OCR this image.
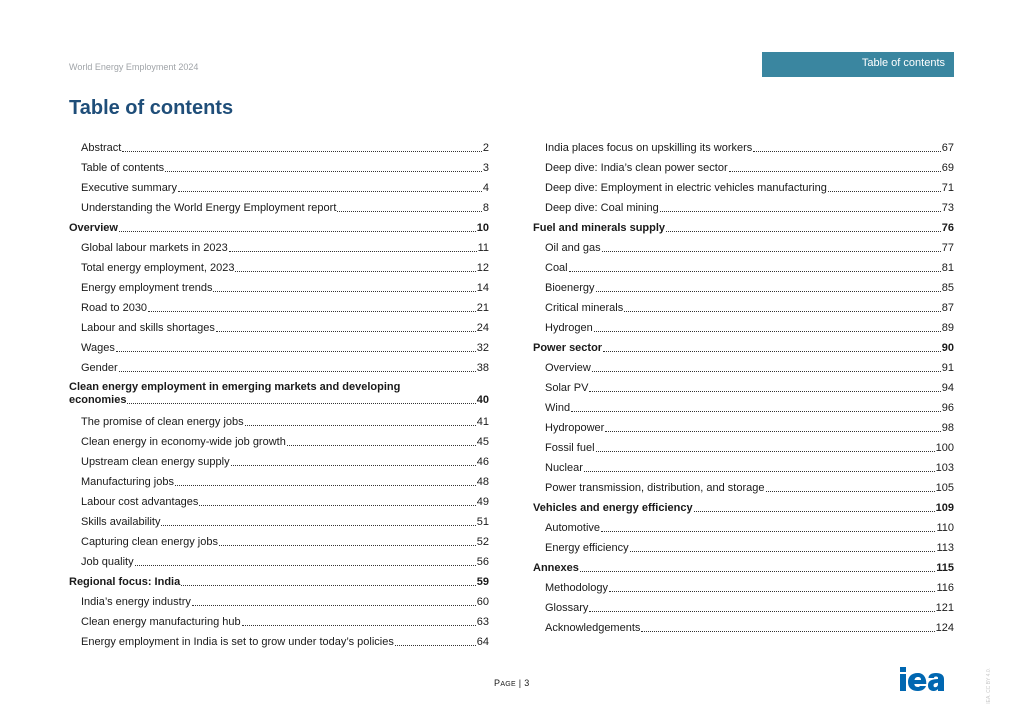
World Energy Employment 2024	Table of contents
Table of contents
Abstract	2
Table of contents	3
Executive summary	4
Understanding the World Energy Employment report	8
Overview	10
Global labour markets in 2023	11
Total energy employment, 2023	12
Energy employment trends	14
Road to 2030	21
Labour and skills shortages	24
Wages	32
Gender	38
Clean energy employment in emerging markets and developing
economies	40
The promise of clean energy jobs	41
Clean energy in economy-wide job growth	45
Upstream clean energy supply	46
Manufacturing jobs	48
Labour cost advantages	49
Skills availability	51
Capturing clean energy jobs	52
Job quality	56
Regional focus: India	59
India’s energy industry	60
Clean energy manufacturing hub	63
Energy employment in India is set to grow under today’s policies	64
India places focus on upskilling its workers	67
Deep dive: India’s clean power sector	69
Deep dive: Employment in electric vehicles manufacturing	71
Deep dive: Coal mining	73
Fuel and minerals supply	76
Oil and gas	77
Coal	81
Bioenergy	85
Critical minerals	87
Hydrogen	89
Power sector	90
Overview	91
Solar PV	94
Wind	96
Hydropower	98
Fossil fuel	100
Nuclear	103
Power transmission, distribution, and storage	105
Vehicles and energy efficiency	109
Automotive	110
Energy efficiency	113
Annexes	115
Methodology	116
Glossary	121
Acknowledgements	124
PAGE | 3	IEA. CC BY 4.0.
